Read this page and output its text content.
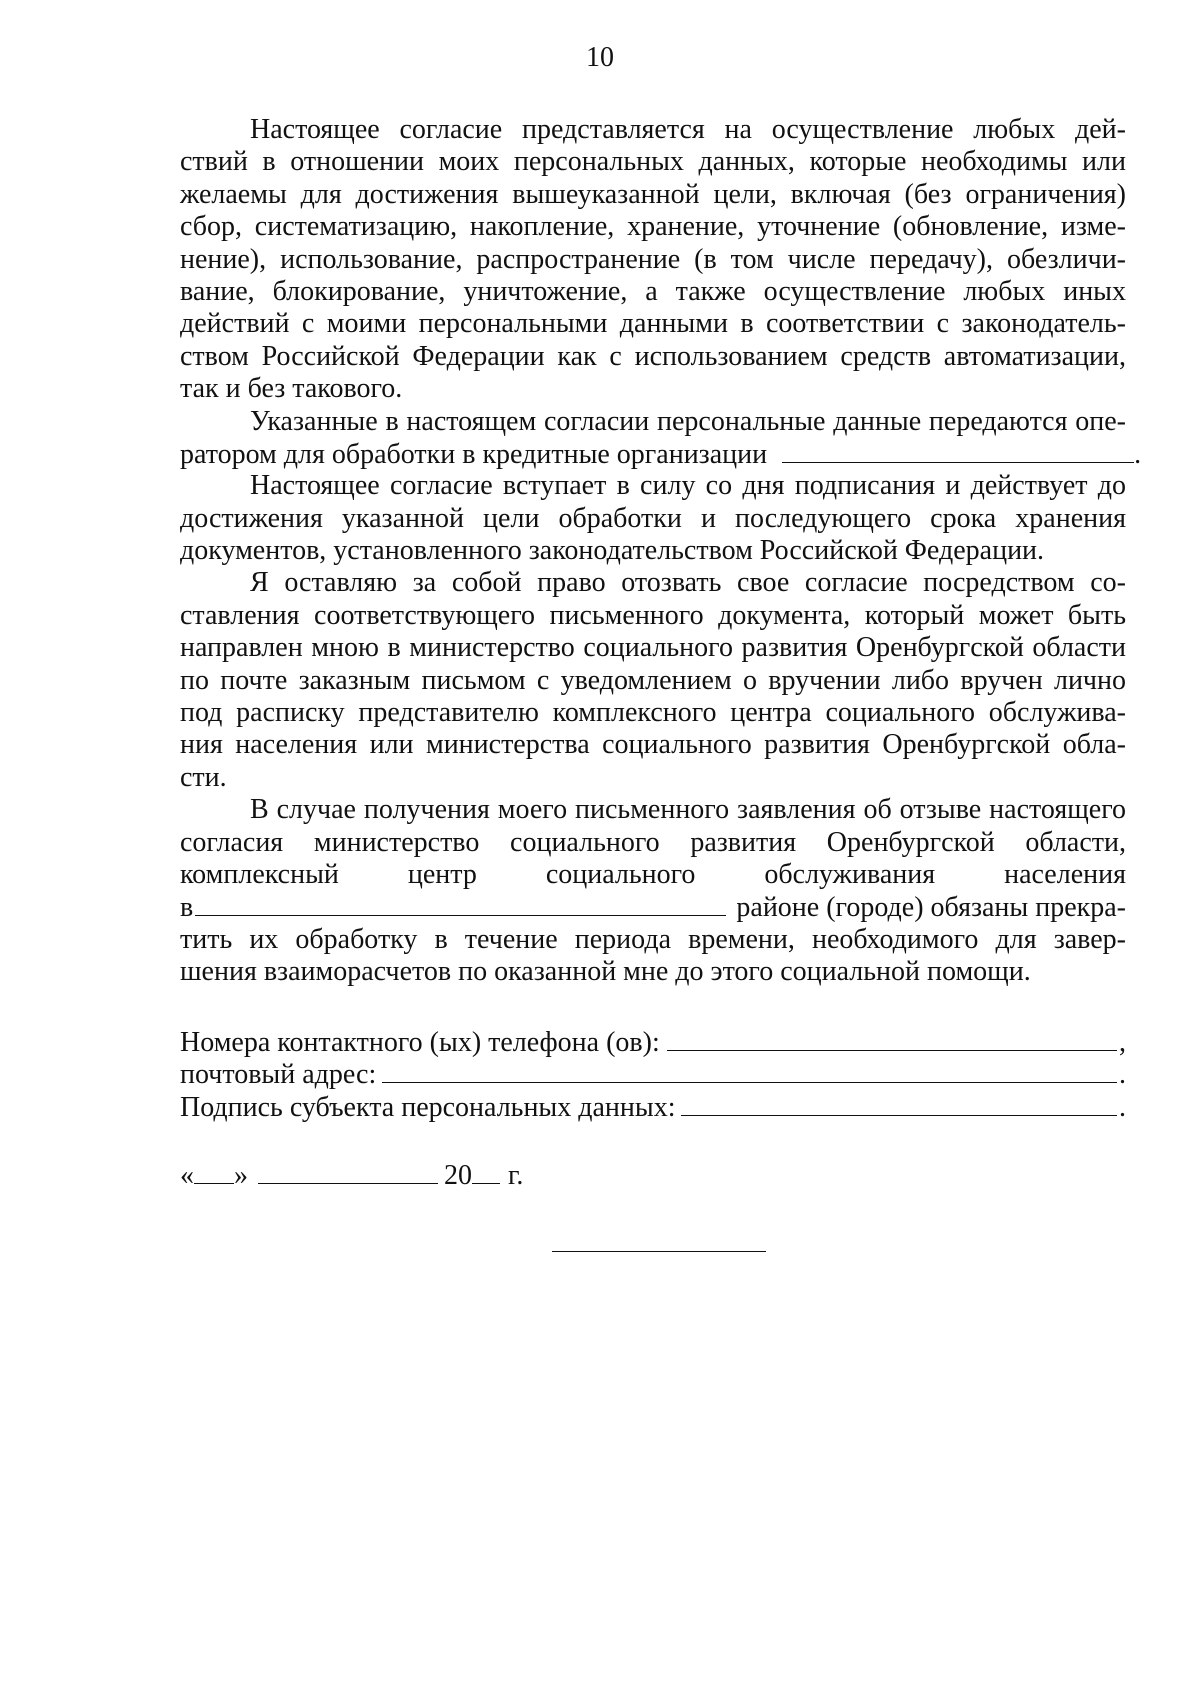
10
Настоящее согласие представляется на осуществление любых дей-
ствий в отношении моих персональных данных, которые необходимы или
желаемы для достижения вышеуказанной цели, включая (без ограничения)
сбор, систематизацию, накопление, хранение, уточнение (обновление, изме-
нение), использование, распространение (в том числе передачу), обезличи-
вание, блокирование, уничтожение, а также осуществление любых иных
действий с моими персональными данными в соответствии с законодатель-
ством Российской Федерации как с использованием средств автоматизации,
так и без такового.
Указанные в настоящем согласии персональные данные передаются опе-
ратором для обработки в кредитные организации	.
Настоящее согласие вступает в силу со дня подписания и действует до
достижения указанной цели обработки и последующего срока хранения
документов, установленного законодательством Российской Федерации.
Я оставляю за собой право отозвать свое согласие посредством со-
ставления соответствующего письменного документа, который может быть
направлен мною в министерство социального развития Оренбургской области
по почте заказным письмом с уведомлением о вручении либо вручен лично
под расписку представителю комплексного центра социального обслужива-
ния населения или министерства социального развития Оренбургской обла-
сти.
В случае получения моего письменного заявления об отзыве настоящего
согласия министерство социального развития Оренбургской области,
комплексный центр социального обслуживания населения
в	районе (городе) обязаны прекра-
тить их обработку в течение периода времени, необходимого для завер-
шения взаиморасчетов по оказанной мне до этого социальной помощи.
Номера контактного (ых) телефона (ов):	,
почтовый адрес:	.
Подпись субъекта персональных данных:	.
« »	20 г.
